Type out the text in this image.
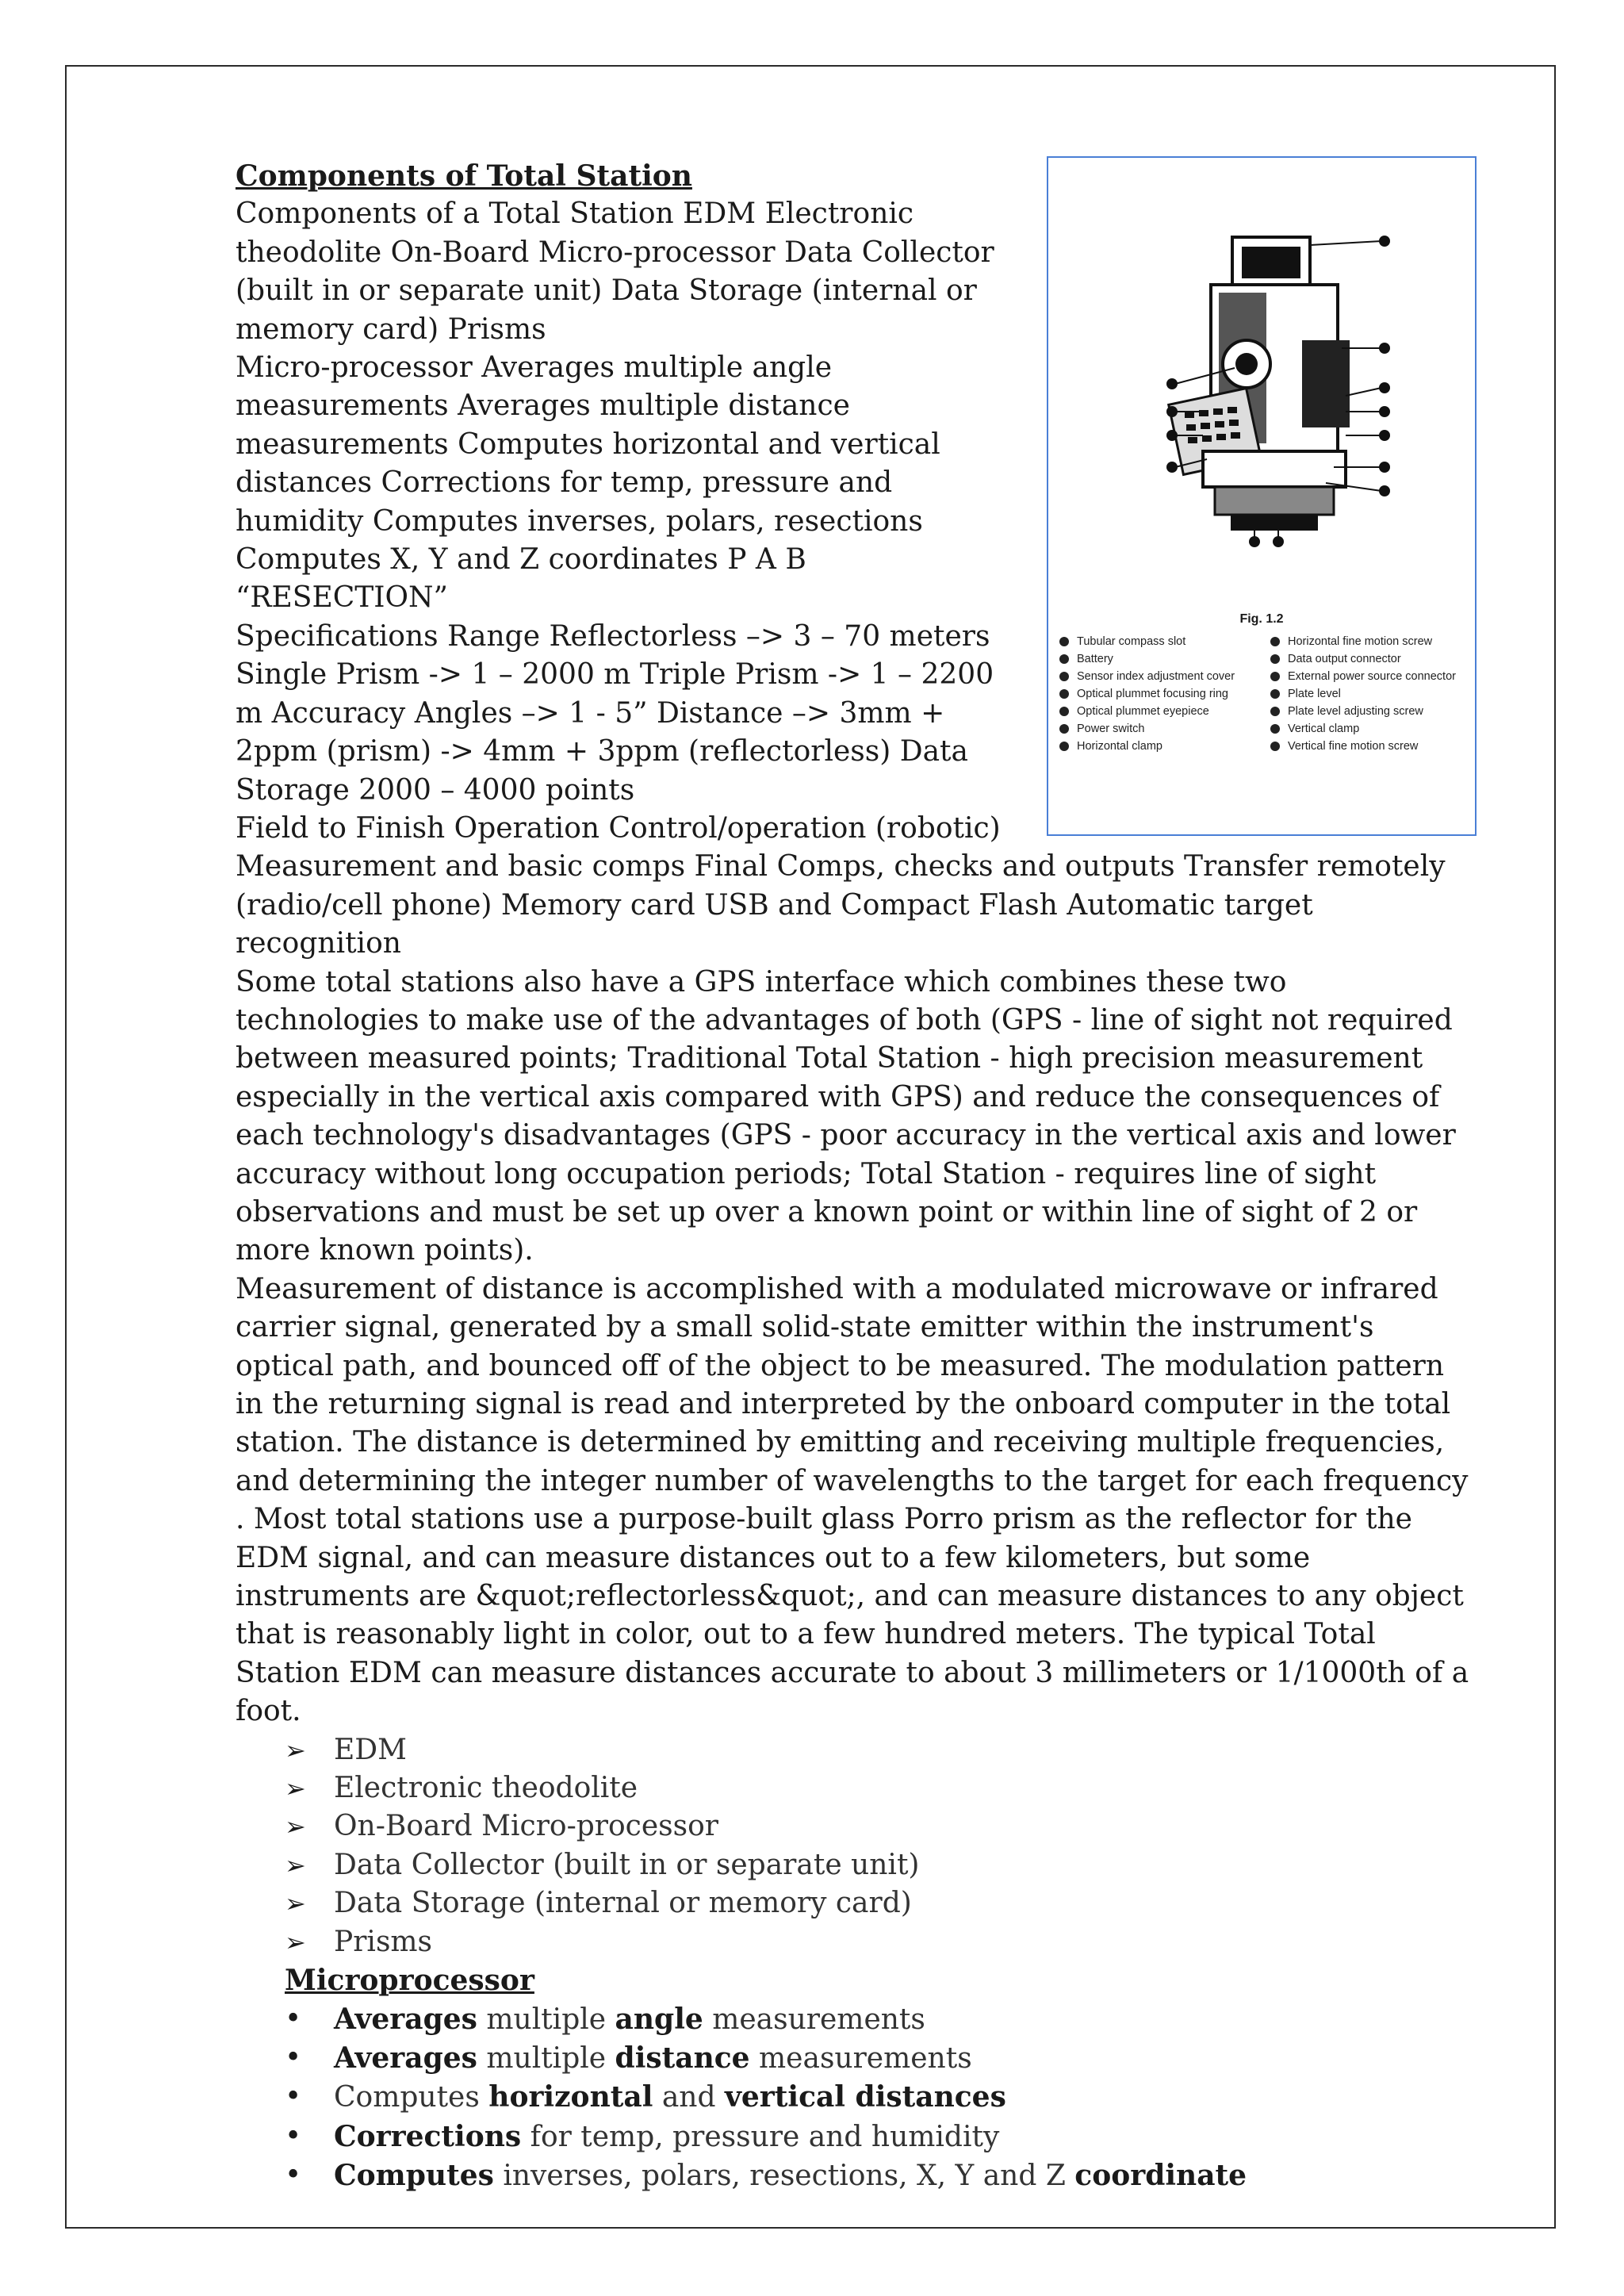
Fig. 1.2
Tubular compass slot
Battery
Sensor index adjustment cover
Optical plummet focusing ring
Optical plummet eyepiece
Power switch
Horizontal clamp
Horizontal fine motion screw
Data output connector
External power source connector
Plate level
Plate level adjusting screw
Vertical clamp
Vertical fine motion screw
Components of Total Station

Components of a Total Station EDM Electronic theodolite On-Board Micro-processor Data Collector (built in or separate unit) Data Storage (internal or memory card) Prisms

Micro-processor Averages multiple angle measurements Averages multiple distance measurements Computes horizontal and vertical distances Corrections for temp, pressure and humidity Computes inverses, polars, resections Computes X, Y and Z coordinates P A B “RESECTION”

Specifications Range Reflectorless –> 3 – 70 meters Single Prism -> 1 – 2000 m Triple Prism -> 1 – 2200 m Accuracy Angles –> 1 - 5” Distance –> 3mm + 2ppm (prism) -> 4mm + 3ppm (reflectorless) Data Storage 2000 – 4000 points

Field to Finish Operation Control/operation (robotic) Measurement and basic comps Final Comps, checks and outputs Transfer remotely (radio/cell phone) Memory card USB and Compact Flash Automatic target recognition

Some total stations also have a GPS interface which combines these two technologies to make use of the advantages of both (GPS - line of sight not required between measured points; Traditional Total Station - high precision measurement especially in the vertical axis compared with GPS) and reduce the consequences of each technology's disadvantages (GPS - poor accuracy in the vertical axis and lower accuracy without long occupation periods; Total Station - requires line of sight observations and must be set up over a known point or within line of sight of 2 or more known points).

Measurement of distance is accomplished with a modulated microwave or infrared carrier signal, generated by a small solid-state emitter within the instrument's optical path, and bounced off of the object to be measured. The modulation pattern in the returning signal is read and interpreted by the onboard computer in the total station. The distance is determined by emitting and receiving multiple frequencies, and determining the integer number of wavelengths to the target for each frequency . Most total stations use a purpose-built glass Porro prism as the reflector for the EDM signal, and can measure distances out to a few kilometers, but some instruments are &quot;reflectorless&quot;, and can measure distances to any object that is reasonably light in color, out to a few hundred meters. The typical Total Station EDM can measure distances accurate to about 3 millimeters or 1/1000th of a foot.

➢ EDM
➢ Electronic theodolite
➢ On-Board Micro-processor
➢ Data Collector (built in or separate unit)
➢ Data Storage (internal or memory card)
➢ Prisms
Microprocessor
•	Averages multiple angle measurements
•	Averages multiple distance measurements
•	Computes horizontal and vertical distances
•	Corrections for temp, pressure and humidity
•	Computes inverses, polars, resections, X, Y and Z coordinate
